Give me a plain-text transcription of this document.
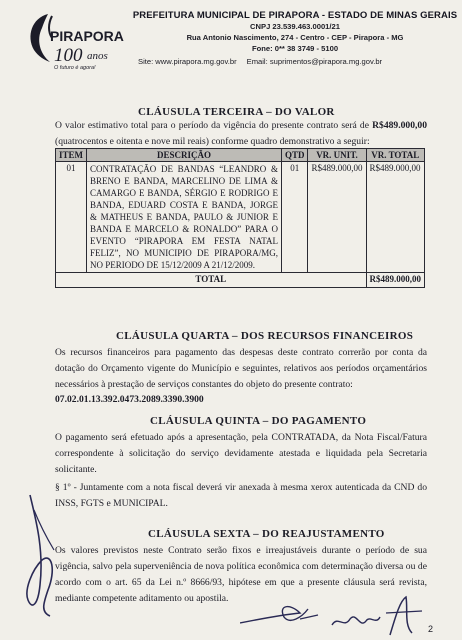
PIRAPORA
100 anos
O futuro é agora!
PREFEITURA MUNICIPAL DE PIRAPORA - ESTADO DE MINAS GERAIS
CNPJ 23.539.463.0001/21
Rua Antonio Nascimento, 274 - Centro - CEP - Pirapora - MG
Fone: 0** 38 3749 - 5100
Site: www.pirapora.mg.gov.br Email: suprimentos@pirapora.mg.gov.br
CLÁUSULA TERCEIRA – DO VALOR
O valor estimativo total para o período da vigência do presente contrato será de R$489.000,00 (quatrocentos e oitenta e nove mil reais) conforme quadro demonstrativo a seguir:
ITEM	DESCRIÇÃO	QTD	VR. UNIT.	VR. TOTAL
01	CONTRATAÇÃO DE BANDAS “LEANDRO & BRENO E BANDA, MARCELINO DE LIMA & CAMARGO E BANDA, SÉRGIO E RODRIGO E BANDA, EDUARD COSTA E BANDA, JORGE & MATHEUS E BANDA, PAULO & JUNIOR E BANDA E MARCELO & RONALDO” PARA O EVENTO “PIRAPORA EM FESTA NATAL FELIZ”, NO MUNICIPIO DE PIRAPORA/MG, NO PERIODO DE 15/12/2009 A 21/12/2009.	01	R$489.000,00	R$489.000,00
TOTAL				R$489.000,00
CLÁUSULA QUARTA – DOS RECURSOS FINANCEIROS
Os recursos financeiros para pagamento das despesas deste contrato correrão por conta da dotação do Orçamento vigente do Município e seguintes, relativos aos períodos orçamentários necessários à prestação de serviços constantes do objeto do presente contrato:
07.02.01.13.392.0473.2089.3390.3900
CLÁUSULA QUINTA – DO PAGAMENTO
O pagamento será efetuado após a apresentação, pela CONTRATADA, da Nota Fiscal/Fatura correspondente à solicitação do serviço devidamente atestada e liquidada pela Secretaria solicitante.
§ 1º - Juntamente com a nota fiscal deverá vir anexada à mesma xerox autenticada da CND do INSS, FGTS e MUNICIPAL.
CLÁUSULA SEXTA – DO REAJUSTAMENTO
Os valores previstos neste Contrato serão fixos e irreajustáveis durante o período de sua vigência, salvo pela superveniência de nova política econômica com determinação diversa ou de acordo com o art. 65 da Lei n.º 8666/93, hipótese em que a presente cláusula será revista, mediante competente aditamento ou apostila.
2
